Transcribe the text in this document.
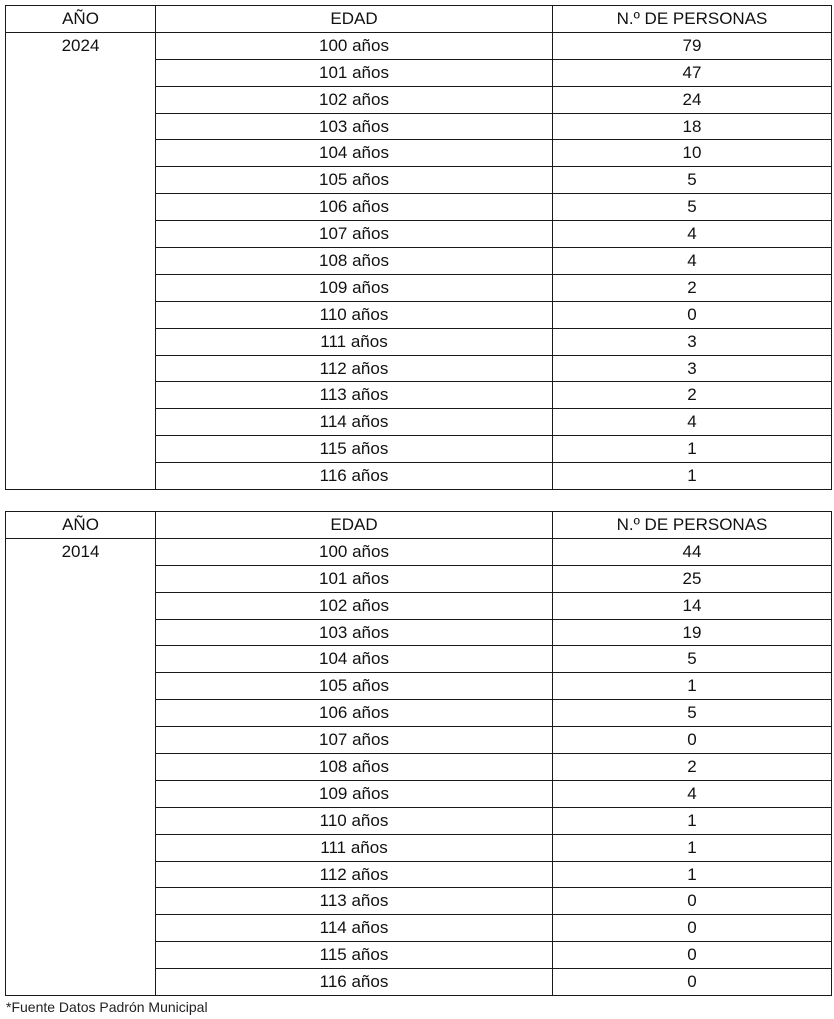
AÑO	EDAD	N.º DE PERSONAS
2024	100 años	79
	101 años	47
	102 años	24
	103 años	18
	104 años	10
	105 años	5
	106 años	5
	107 años	4
	108 años	4
	109 años	2
	110 años	0
	111 años	3
	112 años	3
	113 años	2
	114 años	4
	115 años	1
	116 años	1
AÑO	EDAD	N.º DE PERSONAS
2014	100 años	44
	101 años	25
	102 años	14
	103 años	19
	104 años	5
	105 años	1
	106 años	5
	107 años	0
	108 años	2
	109 años	4
	110 años	1
	111 años	1
	112 años	1
	113 años	0
	114 años	0
	115 años	0
	116 años	0
*Fuente Datos Padrón Municipal
